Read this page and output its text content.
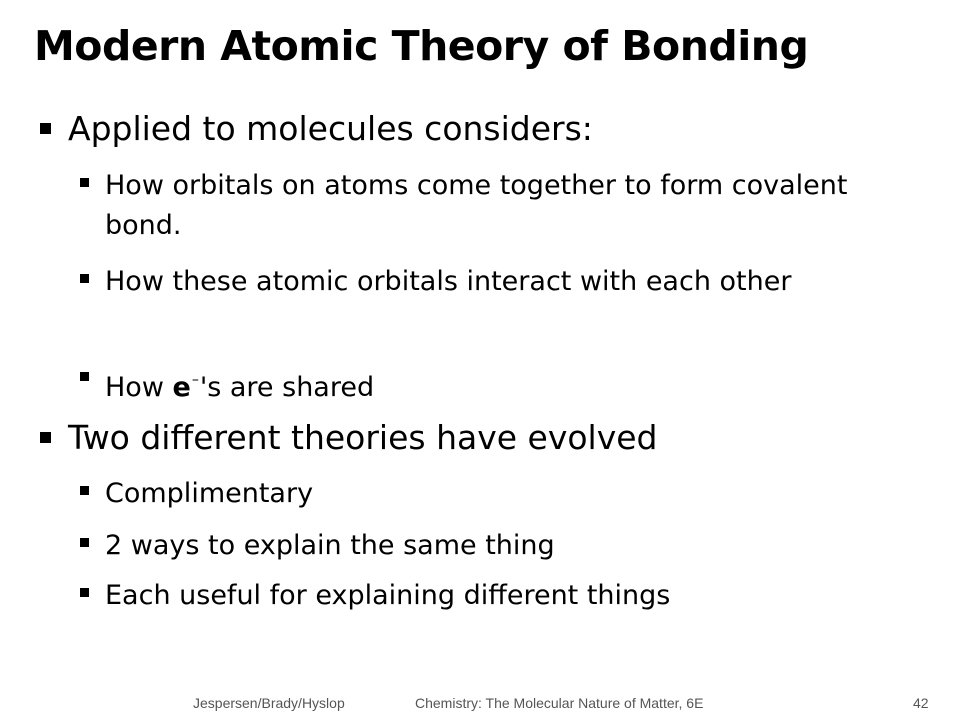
Modern Atomic Theory of Bonding
Applied to molecules considers:
How orbitals on atoms come together to form covalent bond.
How these atomic orbitals interact with each other
How e–'s are shared
Two different theories have evolved
Complimentary
2 ways to explain the same thing
Each useful for explaining different things
Jespersen/Brady/Hyslop	Chemistry: The Molecular Nature of Matter, 6E	42
